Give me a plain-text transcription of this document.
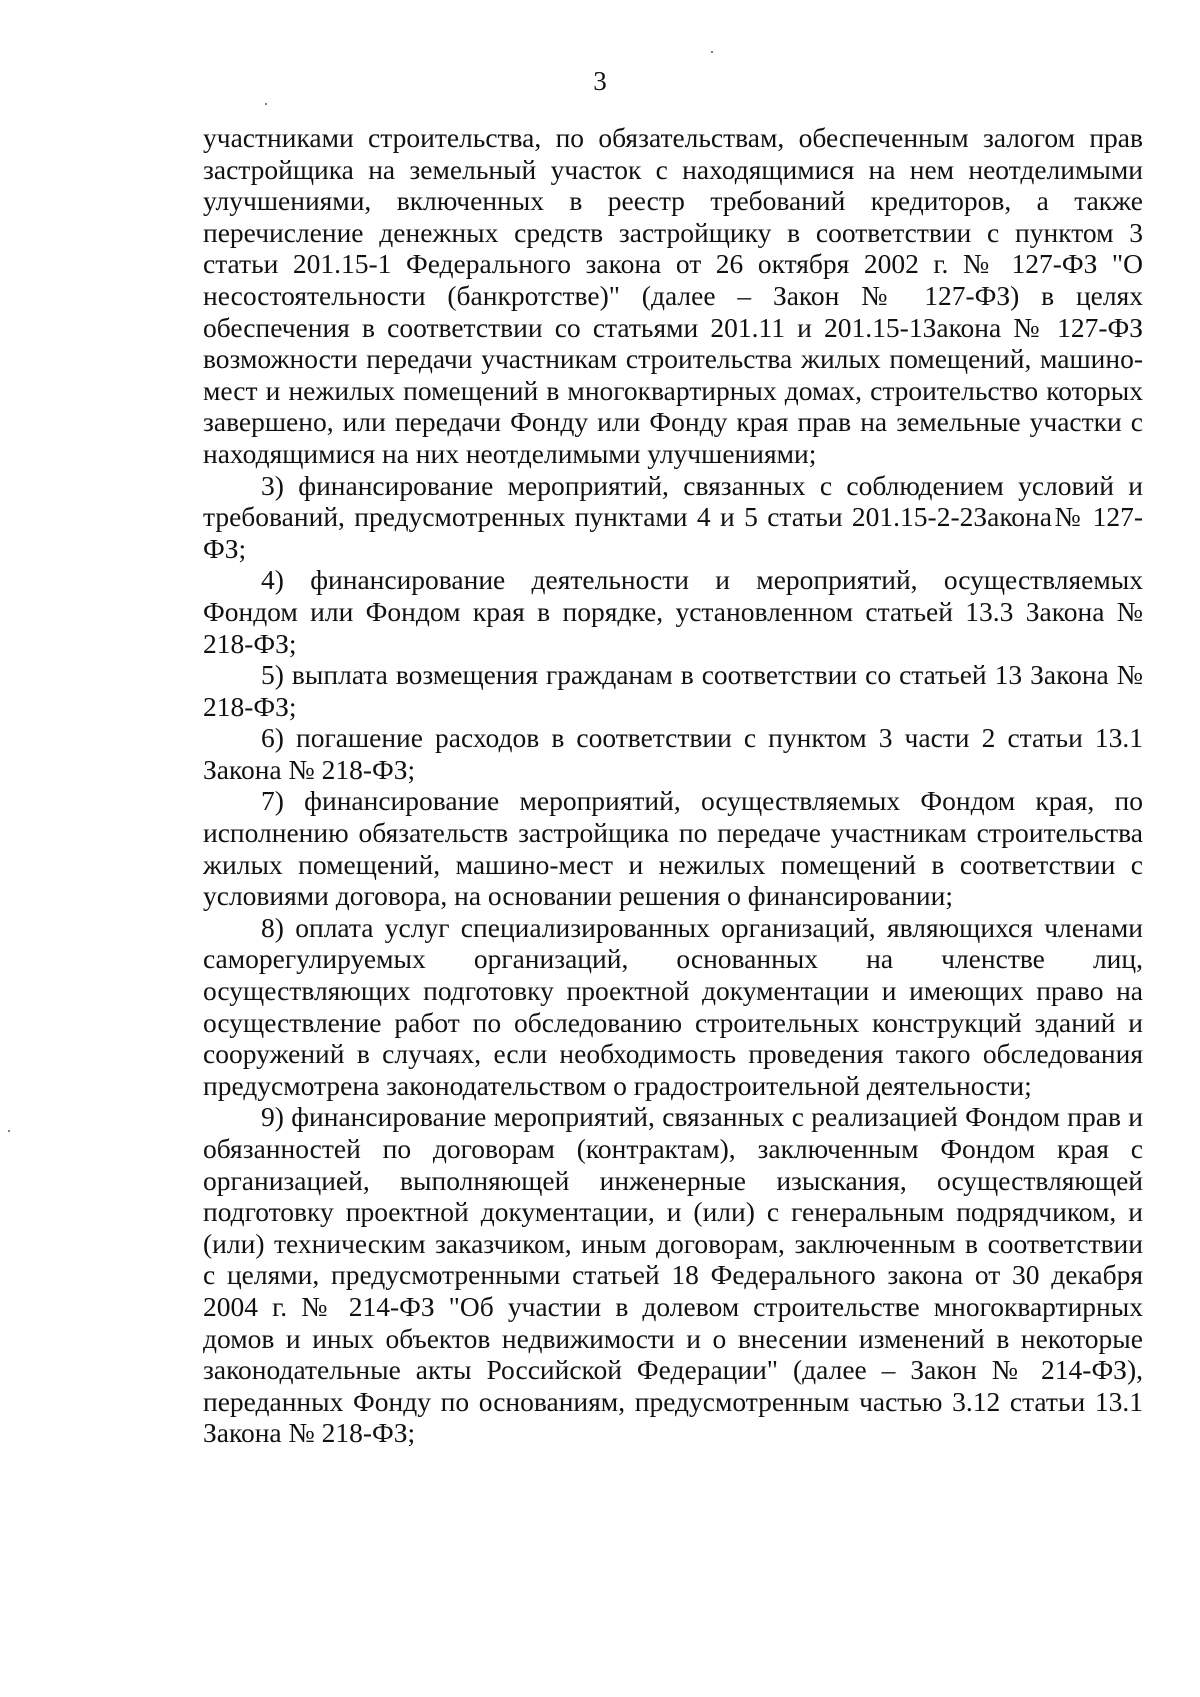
3

участниками строительства, по обязательствам, обеспеченным залогом прав застройщика на земельный участок с находящимися на нем неотделимыми улучшениями, включенных в реестр требований кредиторов, а также перечисление денежных средств застройщику в соответствии с пунктом 3 статьи 201.15-1 Федерального закона от 26 октября 2002 г. № 127-ФЗ "О несостоятельности (банкротстве)" (далее – Закон № 127-ФЗ) в целях обеспечения в соответствии со статьями 201.11 и 201.15-1Закона № 127-ФЗ возможности передачи участникам строительства жилых помещений, машино-мест и нежилых помещений в многоквартирных домах, строительство которых завершено, или передачи Фонду или Фонду края прав на земельные участки с находящимися на них неотделимыми улучшениями;

3) финансирование мероприятий, связанных с соблюдением условий и требований, предусмотренных пунктами 4 и 5 статьи 201.15-2-2Закона№ 127-ФЗ;

4) финансирование деятельности и мероприятий, осуществляемых Фондом или Фондом края в порядке, установленном статьей 13.3 Закона № 218-ФЗ;

5) выплата возмещения гражданам в соответствии со статьей 13 Закона № 218-ФЗ;

6) погашение расходов в соответствии с пунктом 3 части 2 статьи 13.1 Закона № 218-ФЗ;

7) финансирование мероприятий, осуществляемых Фондом края, по исполнению обязательств застройщика по передаче участникам строительства жилых помещений, машино-мест и нежилых помещений в соответствии с условиями договора, на основании решения о финансировании;

8) оплата услуг специализированных организаций, являющихся членами саморегулируемых организаций, основанных на членстве лиц, осуществляющих подготовку проектной документации и имеющих право на осуществление работ по обследованию строительных конструкций зданий и сооружений в случаях, если необходимость проведения такого обследования предусмотрена законодательством о градостроительной деятельности;

9) финансирование мероприятий, связанных с реализацией Фондом прав и обязанностей по договорам (контрактам), заключенным Фондом края с организацией, выполняющей инженерные изыскания, осуществляющей подготовку проектной документации, и (или) с генеральным подрядчиком, и (или) техническим заказчиком, иным договорам, заключенным в соответствии с целями, предусмотренными статьей 18 Федерального закона от 30 декабря 2004 г. № 214-ФЗ "Об участии в долевом строительстве многоквартирных домов и иных объектов недвижимости и о внесении изменений в некоторые законодательные акты Российской Федерации" (далее – Закон № 214-ФЗ), переданных Фонду по основаниям, предусмотренным частью 3.12 статьи 13.1 Закона № 218-ФЗ;
